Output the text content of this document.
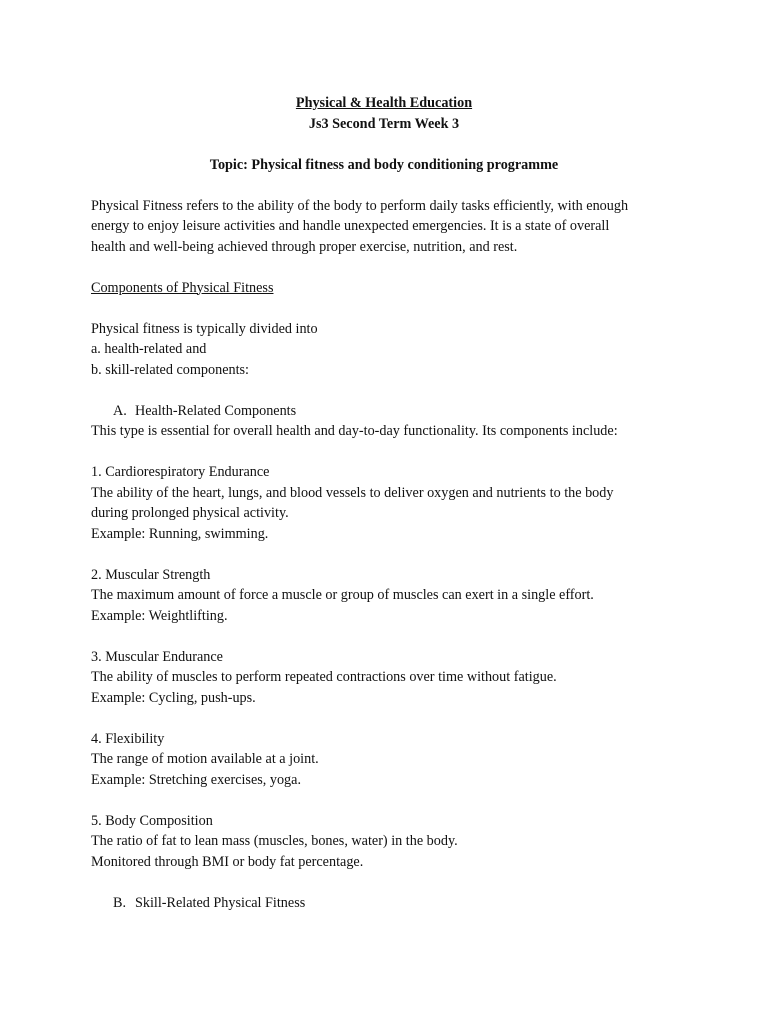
Physical & Health Education
Js3 Second Term Week 3
Topic: Physical fitness and body conditioning programme
Physical Fitness refers to the ability of the body to perform daily tasks efficiently, with enough
energy to enjoy leisure activities and handle unexpected emergencies. It is a state of overall
health and well-being achieved through proper exercise, nutrition, and rest.
Components of Physical Fitness
Physical fitness is typically divided into
a. health-related and
b. skill-related components:
A. Health-Related Components
This type is essential for overall health and day-to-day functionality. Its components include:
1. Cardiorespiratory Endurance
The ability of the heart, lungs, and blood vessels to deliver oxygen and nutrients to the body
during prolonged physical activity.
Example: Running, swimming.
2. Muscular Strength
The maximum amount of force a muscle or group of muscles can exert in a single effort.
Example: Weightlifting.
3. Muscular Endurance
The ability of muscles to perform repeated contractions over time without fatigue.
Example: Cycling, push-ups.
4. Flexibility
The range of motion available at a joint.
Example: Stretching exercises, yoga.
5. Body Composition
The ratio of fat to lean mass (muscles, bones, water) in the body.
Monitored through BMI or body fat percentage.
B. Skill-Related Physical Fitness
